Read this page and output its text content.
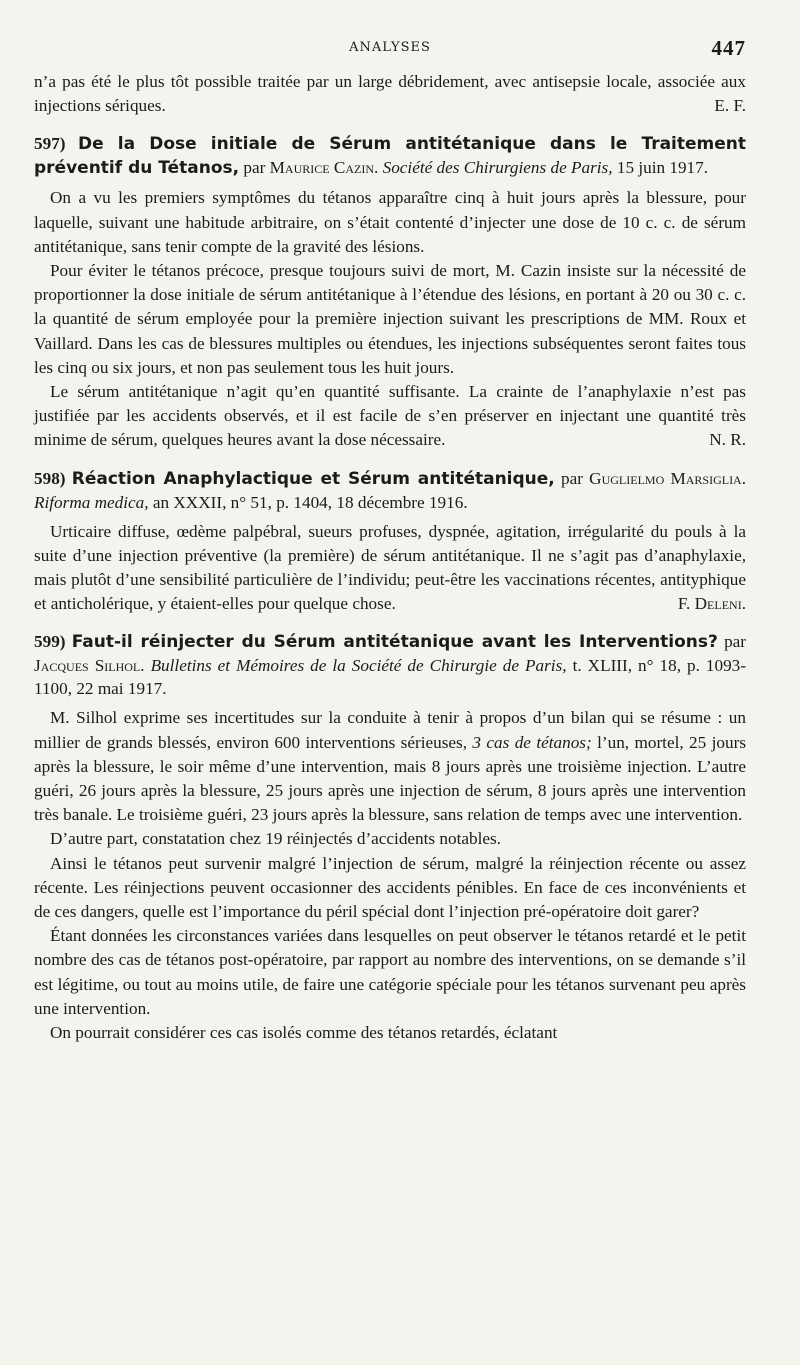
ANALYSES	447

n’a pas été le plus tôt possible traitée par un large débridement, avec antisepsie locale, associée aux injections sériques.	E. F.

597) De la Dose initiale de Sérum antitétanique dans le Traitement préventif du Tétanos, par Maurice Cazin. Société des Chirurgiens de Paris, 15 juin 1917.

On a vu les premiers symptômes du tétanos apparaître cinq à huit jours après la blessure, pour laquelle, suivant une habitude arbitraire, on s’était contenté d’injecter une dose de 10 c. c. de sérum antitétanique, sans tenir compte de la gravité des lésions.

Pour éviter le tétanos précoce, presque toujours suivi de mort, M. Cazin insiste sur la nécessité de proportionner la dose initiale de sérum antitétanique à l’étendue des lésions, en portant à 20 ou 30 c. c. la quantité de sérum employée pour la première injection suivant les prescriptions de MM. Roux et Vaillard. Dans les cas de blessures multiples ou étendues, les injections subséquentes seront faites tous les cinq ou six jours, et non pas seulement tous les huit jours.

Le sérum antitétanique n’agit qu’en quantité suffisante. La crainte de l’anaphylaxie n’est pas justifiée par les accidents observés, et il est facile de s’en préserver en injectant une quantité très minime de sérum, quelques heures avant la dose nécessaire.	N. R.

598) Réaction Anaphylactique et Sérum antitétanique, par Guglielmo Marsiglia. Riforma medica, an XXXII, n° 51, p. 1404, 18 décembre 1916.

Urticaire diffuse, œdème palpébral, sueurs profuses, dyspnée, agitation, irrégularité du pouls à la suite d’une injection préventive (la première) de sérum antitétanique. Il ne s’agit pas d’anaphylaxie, mais plutôt d’une sensibilité particulière de l’individu; peut-être les vaccinations récentes, antityphique et anticholérique, y étaient-elles pour quelque chose.	F. Deleni.

599) Faut-il réinjecter du Sérum antitétanique avant les Interventions? par Jacques Silhol. Bulletins et Mémoires de la Société de Chirurgie de Paris, t. XLIII, n° 18, p. 1093-1100, 22 mai 1917.

M. Silhol exprime ses incertitudes sur la conduite à tenir à propos d’un bilan qui se résume : un millier de grands blessés, environ 600 interventions sérieuses, 3 cas de tétanos; l’un, mortel, 25 jours après la blessure, le soir même d’une intervention, mais 8 jours après une troisième injection. L’autre guéri, 26 jours après la blessure, 25 jours après une injection de sérum, 8 jours après une intervention très banale. Le troisième guéri, 23 jours après la blessure, sans relation de temps avec une intervention.

D’autre part, constatation chez 19 réinjectés d’accidents notables.

Ainsi le tétanos peut survenir malgré l’injection de sérum, malgré la réinjection récente ou assez récente. Les réinjections peuvent occasionner des accidents pénibles. En face de ces inconvénients et de ces dangers, quelle est l’importance du péril spécial dont l’injection pré-opératoire doit garer?

Étant données les circonstances variées dans lesquelles on peut observer le tétanos retardé et le petit nombre des cas de tétanos post-opératoire, par rapport au nombre des interventions, on se demande s’il est légitime, ou tout au moins utile, de faire une catégorie spéciale pour les tétanos survenant peu après une intervention.

On pourrait considérer ces cas isolés comme des tétanos retardés, éclatant
